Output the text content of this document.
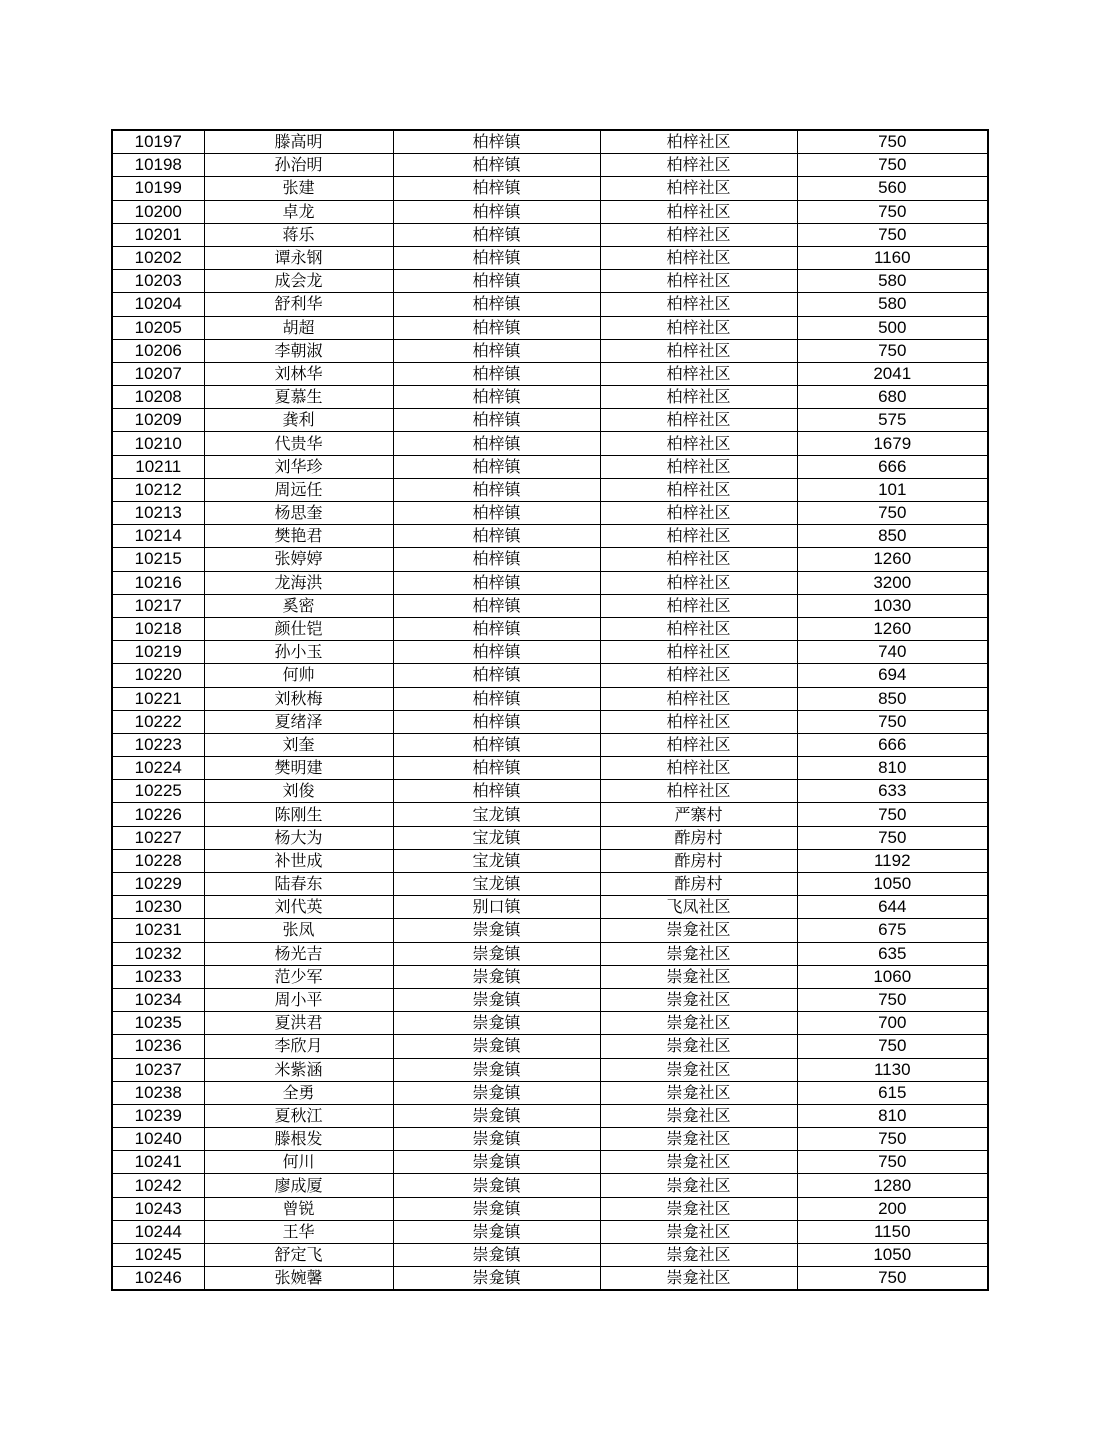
10197	滕高明	柏梓镇	柏梓社区	750
10198	孙治明	柏梓镇	柏梓社区	750
10199	张建	柏梓镇	柏梓社区	560
10200	卓龙	柏梓镇	柏梓社区	750
10201	蒋乐	柏梓镇	柏梓社区	750
10202	谭永钢	柏梓镇	柏梓社区	1160
10203	成会龙	柏梓镇	柏梓社区	580
10204	舒利华	柏梓镇	柏梓社区	580
10205	胡超	柏梓镇	柏梓社区	500
10206	李朝淑	柏梓镇	柏梓社区	750
10207	刘林华	柏梓镇	柏梓社区	2041
10208	夏慕生	柏梓镇	柏梓社区	680
10209	龚利	柏梓镇	柏梓社区	575
10210	代贵华	柏梓镇	柏梓社区	1679
10211	刘华珍	柏梓镇	柏梓社区	666
10212	周远任	柏梓镇	柏梓社区	101
10213	杨思奎	柏梓镇	柏梓社区	750
10214	樊艳君	柏梓镇	柏梓社区	850
10215	张婷婷	柏梓镇	柏梓社区	1260
10216	龙海洪	柏梓镇	柏梓社区	3200
10217	奚密	柏梓镇	柏梓社区	1030
10218	颜仕铠	柏梓镇	柏梓社区	1260
10219	孙小玉	柏梓镇	柏梓社区	740
10220	何帅	柏梓镇	柏梓社区	694
10221	刘秋梅	柏梓镇	柏梓社区	850
10222	夏绪泽	柏梓镇	柏梓社区	750
10223	刘奎	柏梓镇	柏梓社区	666
10224	樊明建	柏梓镇	柏梓社区	810
10225	刘俊	柏梓镇	柏梓社区	633
10226	陈刚生	宝龙镇	严寨村	750
10227	杨大为	宝龙镇	酢房村	750
10228	补世成	宝龙镇	酢房村	1192
10229	陆春东	宝龙镇	酢房村	1050
10230	刘代英	别口镇	飞凤社区	644
10231	张凤	崇龛镇	崇龛社区	675
10232	杨光吉	崇龛镇	崇龛社区	635
10233	范少军	崇龛镇	崇龛社区	1060
10234	周小平	崇龛镇	崇龛社区	750
10235	夏洪君	崇龛镇	崇龛社区	700
10236	李欣月	崇龛镇	崇龛社区	750
10237	米紫涵	崇龛镇	崇龛社区	1130
10238	全勇	崇龛镇	崇龛社区	615
10239	夏秋江	崇龛镇	崇龛社区	810
10240	滕根发	崇龛镇	崇龛社区	750
10241	何川	崇龛镇	崇龛社区	750
10242	廖成厦	崇龛镇	崇龛社区	1280
10243	曾锐	崇龛镇	崇龛社区	200
10244	王华	崇龛镇	崇龛社区	1150
10245	舒定飞	崇龛镇	崇龛社区	1050
10246	张婉馨	崇龛镇	崇龛社区	750
